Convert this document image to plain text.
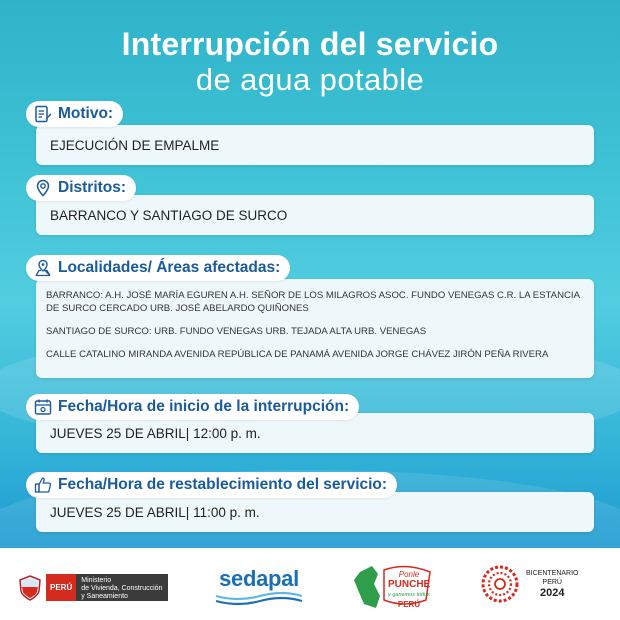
Interrupción del servicio
de agua potable
Motivo:
EJECUCIÓN DE EMPALME
Distritos:
BARRANCO Y SANTIAGO DE SURCO
Localidades/ Áreas afectadas:

BARRANCO: A.H. JOSÉ MARÍA EGUREN A.H. SEÑOR DE LOS MILAGROS ASOC. FUNDO VENEGAS C.R. LA ESTANCIA DE SURCO CERCADO URB. JOSÉ ABELARDO QUIÑONES

SANTIAGO DE SURCO: URB. FUNDO VENEGAS URB. TEJADA ALTA URB. VENEGAS

CALLE CATALINO MIRANDA AVENIDA REPÚBLICA DE PANAMÁ AVENIDA JORGE CHÁVEZ JIRÓN PEÑA RIVERA

Fecha/Hora de inicio de la interrupción:
JUEVES 25 DE ABRIL| 12:00 p. m.
Fecha/Hora de restablecimiento del servicio:
JUEVES 25 DE ABRIL| 11:00 p. m.
PERÚ
Ministerio
de Vivienda, Construcción
y Saneamiento
sedapal	Ponle
PUNCHE
y ganemos todos
PERÚ
BICENTENARIO
PERÚ
2024
